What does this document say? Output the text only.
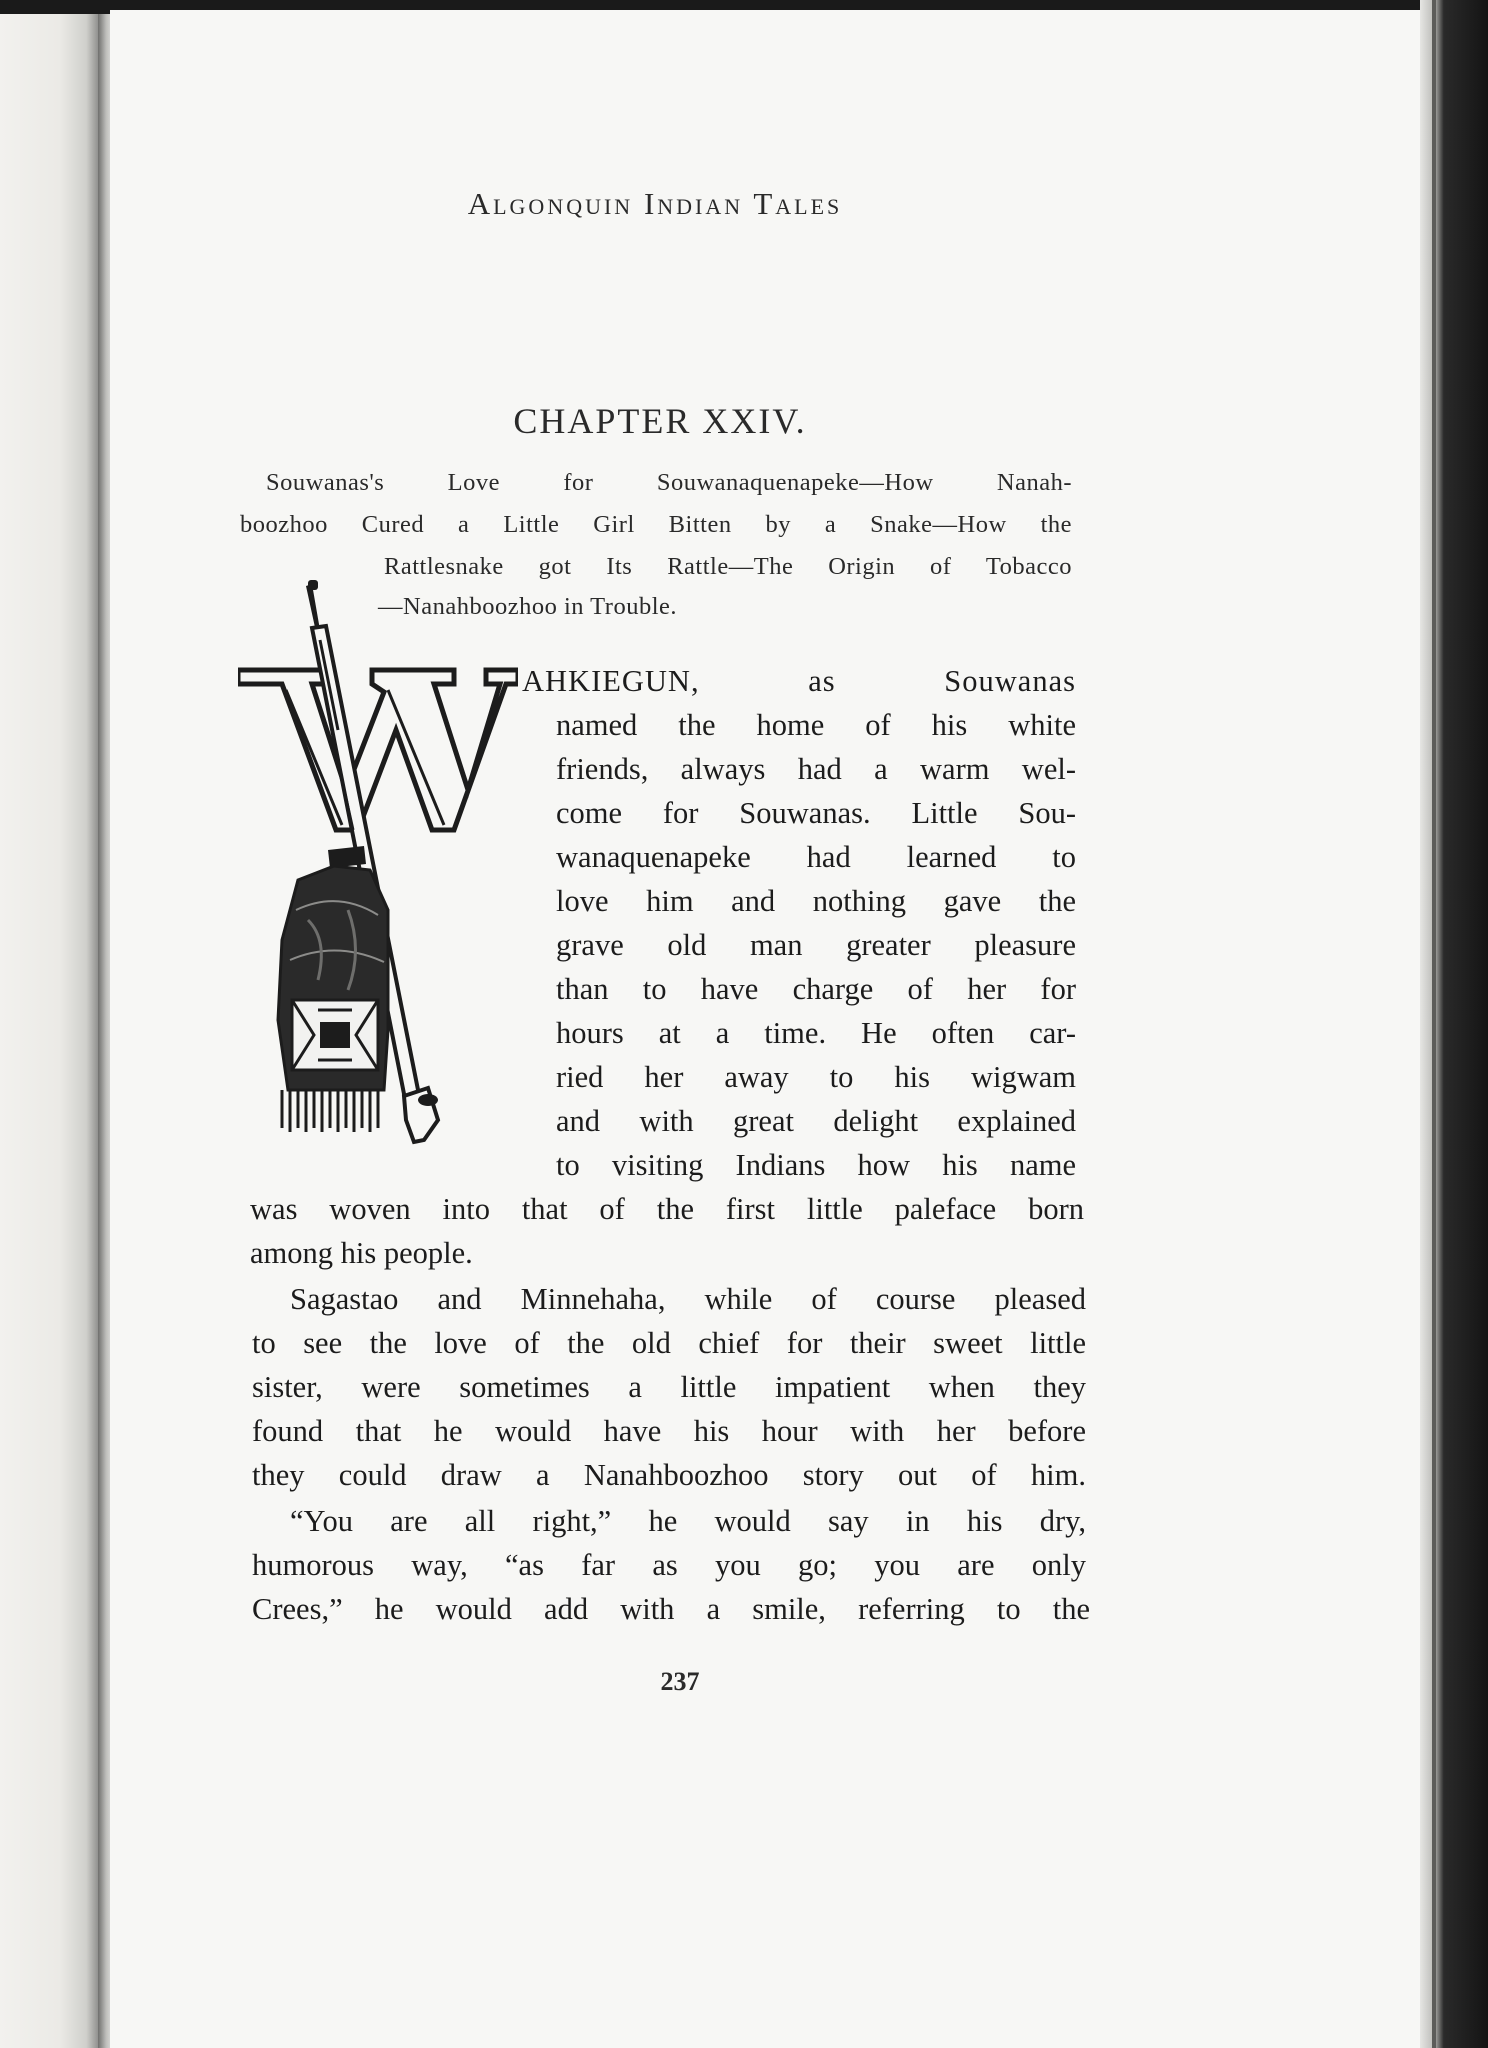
Algonquin Indian Tales
CHAPTER XXIV.
Souwanas's Love for Souwanaquenapeke—How Nanah-
boozhoo Cured a Little Girl Bitten by a Snake—How the
Rattlesnake got Its Rattle—The Origin of Tobacco
—Nanahboozhoo in Trouble.
AHKIEGUN, as Souwanas
named the home of his white
friends, always had a warm wel-
come for Souwanas. Little Sou-
wanaquenapeke had learned to
love him and nothing gave the
grave old man greater pleasure
than to have charge of her for
hours at a time. He often car-
ried her away to his wigwam
and with great delight explained
to visiting Indians how his name
was woven into that of the first little paleface born
among his people.
Sagastao and Minnehaha, while of course pleased
to see the love of the old chief for their sweet little
sister, were sometimes a little impatient when they
found that he would have his hour with her before
they could draw a Nanahboozhoo story out of him.
“You are all right,” he would say in his dry,
humorous way, “as far as you go; you are only
Crees,” he would add with a smile, referring to the
237
